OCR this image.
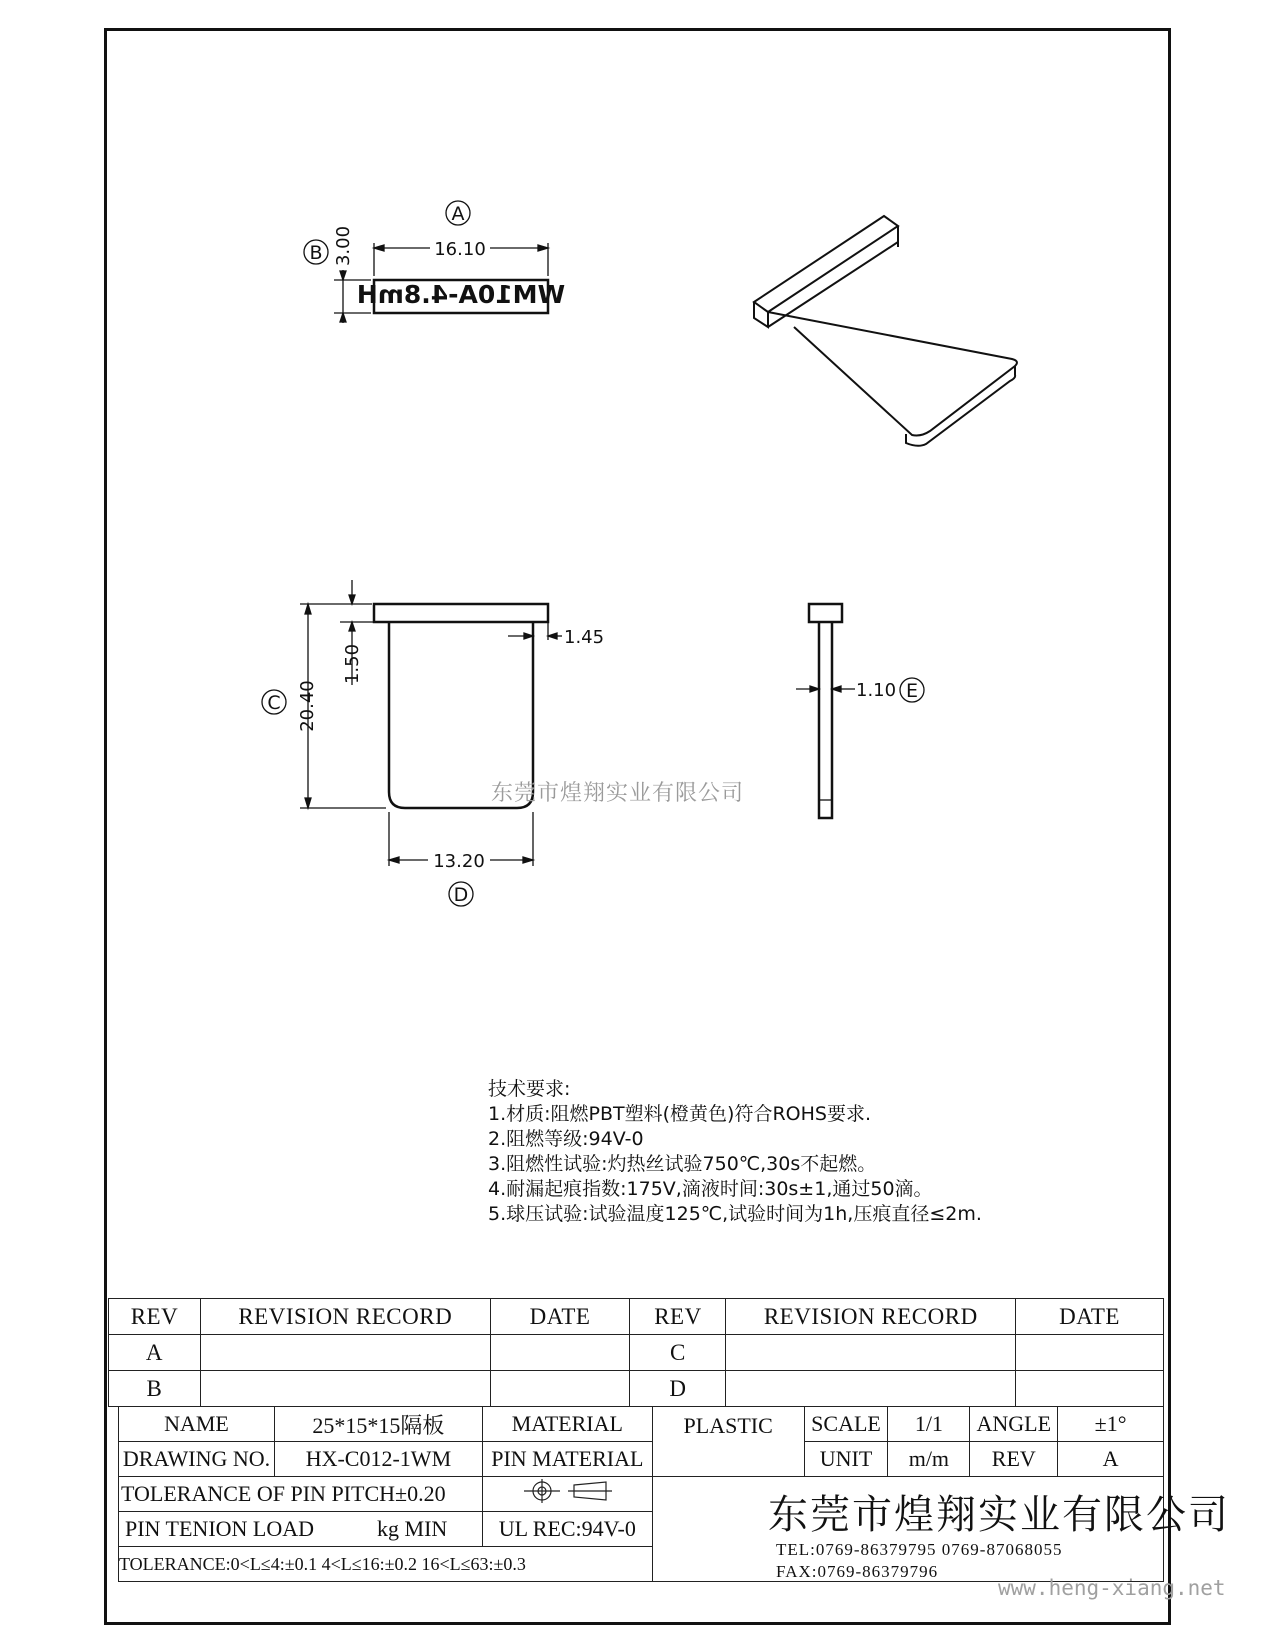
A
B
C
D
E
16.10
3.00
WM10A-4.8mH
20.40
1.50
1.45
13.20
1.10
东莞市煌翔实业有限公司
技术要求:
1.材质:阻燃PBT塑料(橙黄色)符合ROHS要求.
2.阻燃等级:94V-0
3.阻燃性试验:灼热丝试验750℃,30s不起燃。
4.耐漏起痕指数:175V,滴液时间:30s±1,通过50滴。
5.球压试验:试验温度125℃,试验时间为1h,压痕直径≤2m.
REV	REVISION RECORD	DATE	REV	REVISION RECORD	DATE
A			C		
B			D		
NAME	25*15*15隔板	MATERIAL	PLASTIC	SCALE	1/1	ANGLE	±1°
DRAWING NO.	HX-C012-1WM	PIN MATERIAL		UNIT	m/m	REV	A
TOLERANCE OF PIN PITCH±0.20		
PIN TENION LOAD kg MIN		UL REC:94V-0					
TOLERANCE:0<L≤4:±0.1 4<L≤16:±0.2 16<L≤63:±0.3							
东莞市煌翔实业有限公司
TEL:0769-86379795 0769-87068055
FAX:0769-86379796
www.heng-xiang.net
